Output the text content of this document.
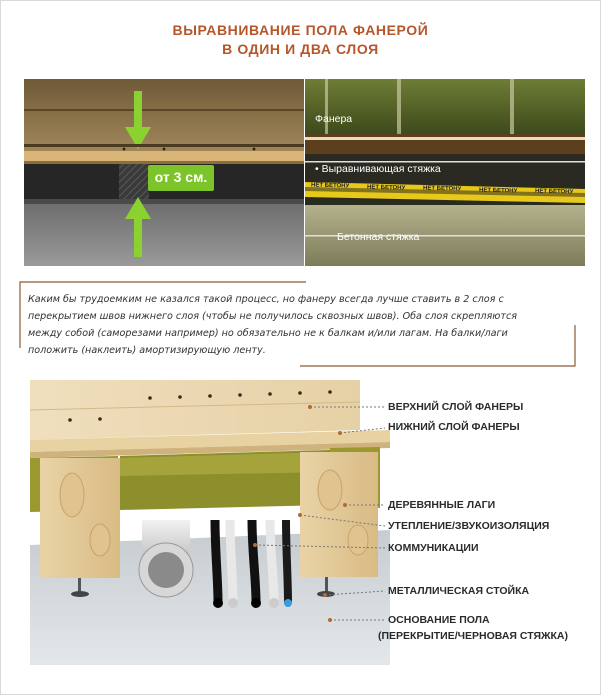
ВЫРАВНИВАНИЕ ПОЛА ФАНЕРОЙ
В ОДИН И ДВА СЛОЯ
от 3 см.
Фанера
• Выравнивающая стяжка
НЕТ БЕТОНУ	НЕТ БЕТОНУ	НЕТ БЕТОНУ	НЕТ БЕТОНУ	НЕТ БЕТОНУ
Бетонная стяжка
Каким бы трудоемким не казался такой процесс, но фанеру всегда лучше ставить в 2 слоя с перекрытием швов нижнего слоя (чтобы не получилось сквозных швов). Оба слоя скрепляются между собой (саморезами например) но обязательно не к балкам и/или лагам. На балки/лаги положить (наклеить) амортизирующую ленту.
ВЕРХНИЙ СЛОЙ ФАНЕРЫ
НИЖНИЙ СЛОЙ ФАНЕРЫ
ДЕРЕВЯННЫЕ ЛАГИ
УТЕПЛЕНИЕ/ЗВУКОИЗОЛЯЦИЯ
КОММУНИКАЦИИ
МЕТАЛЛИЧЕСКАЯ СТОЙКА
ОСНОВАНИЕ ПОЛА
(ПЕРЕКРЫТИЕ/ЧЕРНОВАЯ СТЯЖКА)
